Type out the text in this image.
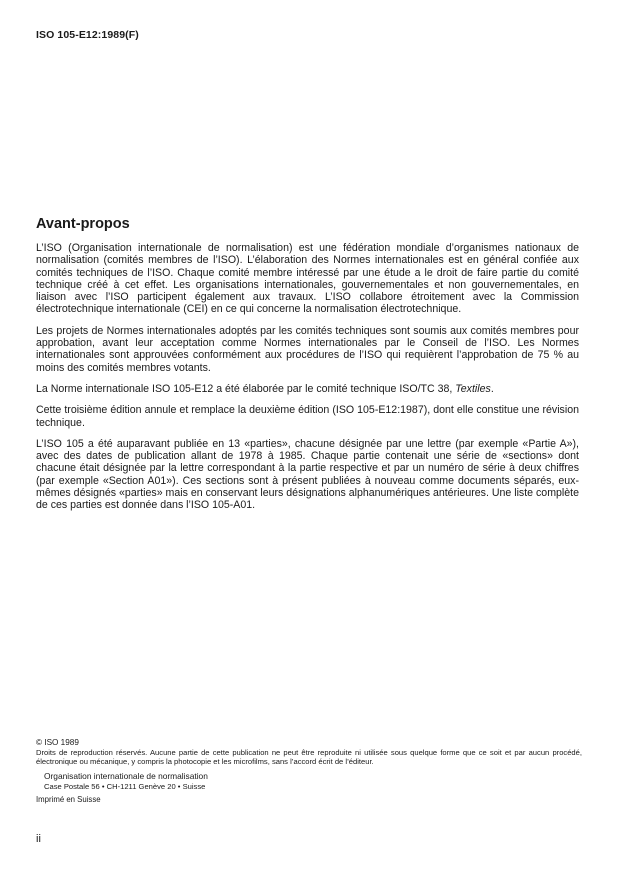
ISO 105-E12:1989(F)
Avant-propos

L’ISO (Organisation internationale de normalisation) est une fédération mondiale d’organismes nationaux de normalisation (comités membres de l’ISO). L’élaboration des Normes internationales est en général confiée aux comités techniques de l’ISO. Chaque comité membre intéressé par une étude a le droit de faire partie du comité technique créé à cet effet. Les organisations internationales, gouvernementales et non gouvernementales, en liaison avec l’ISO participent également aux travaux. L’ISO collabore étroitement avec la Commission électrotechnique internationale (CEI) en ce qui concerne la normalisation électrotechnique.

Les projets de Normes internationales adoptés par les comités techniques sont soumis aux comités membres pour approbation, avant leur acceptation comme Normes internationales par le Conseil de l’ISO. Les Normes internationales sont approuvées conformément aux procédures de l’ISO qui requièrent l’approbation de 75 % au moins des comités membres votants.

La Norme internationale ISO 105-E12 a été élaborée par le comité technique ISO/TC 38, Textiles.

Cette troisième édition annule et remplace la deuxième édition (ISO 105-E12:1987), dont elle constitue une révision technique.

L’ISO 105 a été auparavant publiée en 13 «parties», chacune désignée par une lettre (par exemple «Partie A»), avec des dates de publication allant de 1978 à 1985. Chaque partie contenait une série de «sections» dont chacune était désignée par la lettre correspondant à la partie respective et par un numéro de série à deux chiffres (par exemple «Section A01»). Ces sections sont à présent publiées à nouveau comme documents séparés, eux-mêmes désignés «parties» mais en conservant leurs désignations alphanumériques antérieures. Une liste complète de ces parties est donnée dans l’ISO 105-A01.

© ISO 1989

Droits de reproduction réservés. Aucune partie de cette publication ne peut être reproduite ni utilisée sous quelque forme que ce soit et par aucun procédé, électronique ou mécanique, y compris la photocopie et les microfilms, sans l’accord écrit de l’éditeur.

Organisation internationale de normalisation

Case Postale 56 • CH-1211 Genève 20 • Suisse

Imprimé en Suisse

ii
